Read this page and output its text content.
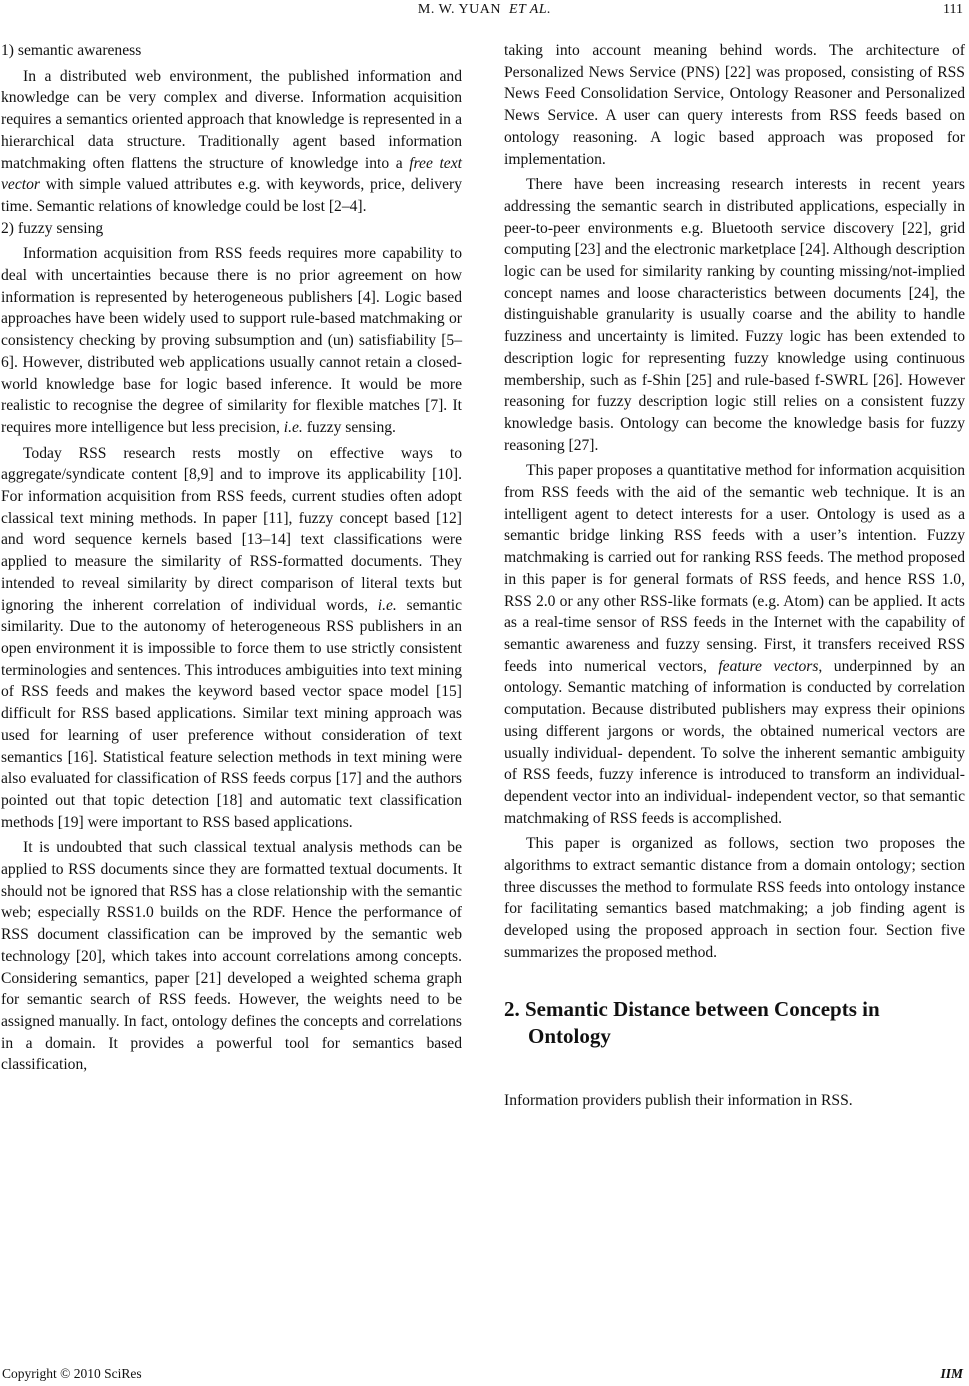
M. W. YUAN ET AL.	111

1) semantic awareness

In a distributed web environment, the published information and knowledge can be very complex and diverse. Information acquisition requires a semantics oriented approach that knowledge is represented in a hierarchical data structure. Traditionally agent based information matchmaking often flattens the structure of knowledge into a free text vector with simple valued attributes e.g. with keywords, price, delivery time. Semantic relations of knowledge could be lost [2–4].

2) fuzzy sensing

Information acquisition from RSS feeds requires more capability to deal with uncertainties because there is no prior agreement on how information is represented by heterogeneous publishers [4]. Logic based approaches have been widely used to support rule-based matchmaking or consistency checking by proving subsumption and (un) satisfiability [5–6]. However, distributed web applications usually cannot retain a closed-world knowledge base for logic based inference. It would be more realistic to recognise the degree of similarity for flexible matches [7]. It requires more intelligence but less precision, i.e. fuzzy sensing.

Today RSS research rests mostly on effective ways to aggregate/syndicate content [8,9] and to improve its applicability [10]. For information acquisition from RSS feeds, current studies often adopt classical text mining methods. In paper [11], fuzzy concept based [12] and word sequence kernels based [13–14] text classifications were applied to measure the similarity of RSS-formatted documents. They intended to reveal similarity by direct comparison of literal texts but ignoring the inherent correlation of individual words, i.e. semantic similarity. Due to the autonomy of heterogeneous RSS publishers in an open environment it is impossible to force them to use strictly consistent terminologies and sentences. This introduces ambiguities into text mining of RSS feeds and makes the keyword based vector space model [15] difficult for RSS based applications. Similar text mining approach was used for learning of user preference without consideration of text semantics [16]. Statistical feature selection methods in text mining were also evaluated for classification of RSS feeds corpus [17] and the authors pointed out that topic detection [18] and automatic text classification methods [19] were important to RSS based applications.

It is undoubted that such classical textual analysis methods can be applied to RSS documents since they are formatted textual documents. It should not be ignored that RSS has a close relationship with the semantic web; especially RSS1.0 builds on the RDF. Hence the performance of RSS document classification can be improved by the semantic web technology [20], which takes into account correlations among concepts. Considering semantics, paper [21] developed a weighted schema graph for semantic search of RSS feeds. However, the weights need to be assigned manually. In fact, ontology defines the concepts and correlations in a domain. It provides a powerful tool for semantics based classification,

taking into account meaning behind words. The architecture of Personalized News Service (PNS) [22] was proposed, consisting of RSS News Feed Consolidation Service, Ontology Reasoner and Personalized News Service. A user can query interests from RSS feeds based on ontology reasoning. A logic based approach was proposed for implementation.

There have been increasing research interests in recent years addressing the semantic search in distributed applications, especially in peer-to-peer environments e.g. Bluetooth service discovery [22], grid computing [23] and the electronic marketplace [24]. Although description logic can be used for similarity ranking by counting missing/not-implied concept names and loose characteristics between documents [24], the distinguishable granularity is usually coarse and the ability to handle fuzziness and uncertainty is limited. Fuzzy logic has been extended to description logic for representing fuzzy knowledge using continuous membership, such as f-Shin [25] and rule-based f-SWRL [26]. However reasoning for fuzzy description logic still relies on a consistent fuzzy knowledge basis. Ontology can become the knowledge basis for fuzzy reasoning [27].

This paper proposes a quantitative method for information acquisition from RSS feeds with the aid of the semantic web technique. It is an intelligent agent to detect interests for a user. Ontology is used as a semantic bridge linking RSS feeds with a user’s intention. Fuzzy matchmaking is carried out for ranking RSS feeds. The method proposed in this paper is for general formats of RSS feeds, and hence RSS 1.0, RSS 2.0 or any other RSS-like formats (e.g. Atom) can be applied. It acts as a real-time sensor of RSS feeds in the Internet with the capability of semantic awareness and fuzzy sensing. First, it transfers received RSS feeds into numerical vectors, feature vectors, underpinned by an ontology. Semantic matching of information is conducted by correlation computation. Because distributed publishers may express their opinions using different jargons or words, the obtained numerical vectors are usually individual- dependent. To solve the inherent semantic ambiguity of RSS feeds, fuzzy inference is introduced to transform an individual-dependent vector into an individual- independent vector, so that semantic matchmaking of RSS feeds is accomplished.

This paper is organized as follows, section two proposes the algorithms to extract semantic distance from a domain ontology; section three discusses the method to formulate RSS feeds into ontology instance for facilitating semantics based matchmaking; a job finding agent is developed using the proposed approach in section four. Section five summarizes the proposed method.

2. Semantic Distance between Concepts in Ontology

Information providers publish their information in RSS.

Copyright © 2010 SciRes	IIM
